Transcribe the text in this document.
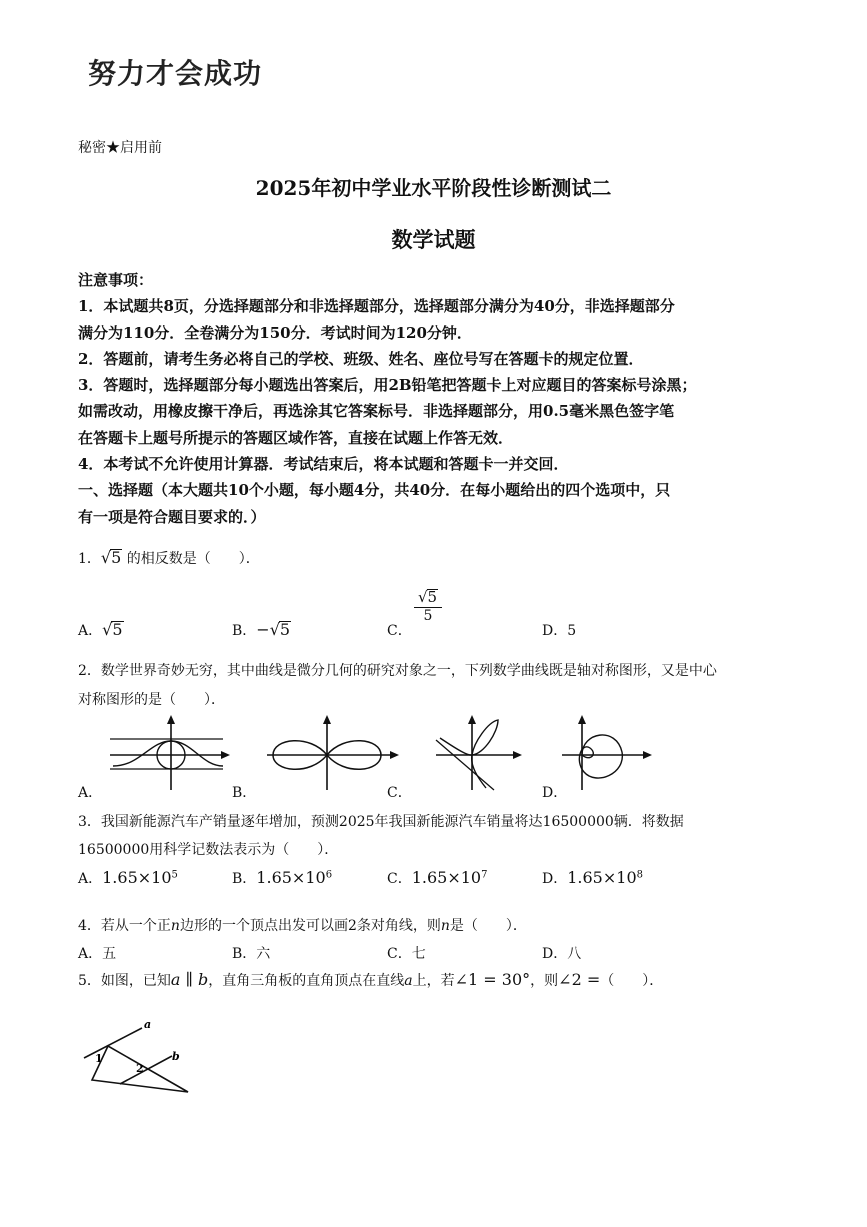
努力才会成功
秘密★启用前
2025年初中学业水平阶段性诊断测试二
数学试题
注意事项：
1．本试题共8页，分选择题部分和非选择题部分，选择题部分满分为40分，非选择题部分
满分为110分．全卷满分为150分．考试时间为120分钟．
2．答题前，请考生务必将自己的学校、班级、姓名、座位号写在答题卡的规定位置．
3．答题时，选择题部分每小题选出答案后，用2B铅笔把答题卡上对应题目的答案标号涂黑；
如需改动，用橡皮擦干净后，再选涂其它答案标号．非选择题部分，用0.5毫米黑色签字笔
在答题卡上题号所提示的答题区域作答，直接在试题上作答无效．
4．本考试不允许使用计算器．考试结束后，将本试题和答题卡一并交回．
一、选择题（本大题共10个小题，每小题4分，共40分．在每小题给出的四个选项中，只
有一项是符合题目要求的．）
1．√5 的相反数是（　　）．
A．√5	B．−√5	C．
√5
5
D．5
2．数学世界奇妙无穷，其中曲线是微分几何的研究对象之一，下列数学曲线既是轴对称图形，又是中心
对称图形的是（　　）．
A．	B．	C．	D．
3．我国新能源汽车产销量逐年增加，预测2025年我国新能源汽车销量将达16500000辆．将数据
16500000用科学记数法表示为（　　）．
A．$1.65\times 10^5$	B．$1.65\times 10^6$	C．$1.65\times 10^7$	D．$1.65\times 10^8$
4．若从一个正n边形的一个顶点出发可以画2条对角线，则n是（　　）．
A．五	B．六	C．七	D．八
5．如图，已知a ∥ b，直角三角板的直角顶点在直线a上，若∠1 = 30°，则∠2 =（　　）．
a
b
1
2
